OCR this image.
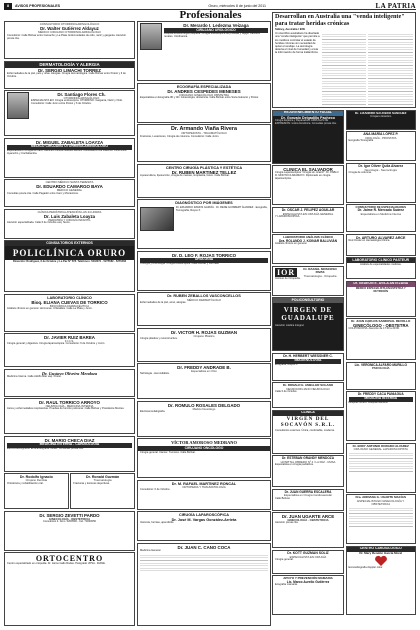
8	AVISOS PROFESIONALES	Oruro, miércoles 8 de junio del 2011	LA PATRIA
Profesionales
CONSULTORIO OTORRINOLARINGOLÓGICO
Dr. Walter Gutiérrez Aldayuz
MÉDICO CIRUJANO OTORRINOLARINGÓLOGO
Consultorio: Calle Bolívar entre Camacho y La Plata. Enfermedades de oído, nariz y garganta. Atención previa cita.
DERMATOLOGÍA Y ALERGIA
Dr. SERGIO LIMACHI TORREZ
Enfermedades de la piel, pelo y uñas. Alergias. Cirugía dermatológica. Calle Bolívar entre Potosí y 6 de Octubre.
Dr. Santiago Flores Ch.
OTORRINOLARINGÓLOGO
ESPECIALISTA EN: Cirugía endoscópica. OTORRINO: Garganta, Nariz y Oído. Consultorio: Calle Junín entre Potosí y 6 de Octubre.
Dr. MIGUEL ZABALETA LOAYZA
MÉDICO CIRUJANO OTORRINOLARINGÓLOGO
Especialista en cirugía de nariz. Atención Clínica Nuestra Señora. Consultas en La Plata No. 1250 entre Ayacucho y Cochabamba.
CENTRO MÉDICO SANTA TERESITA
Dr. EDUARDO CAMARGO BAYA
MÉDICO GENERAL
Consultas previa cita. Calle Pagador entre Caro y Montecinos.
CLÍNICA PEDIÁTRICA ATENCIÓN LAS 24 HORAS
Dr. Luis Zabaleta Loayza
PEDIATRÍA Y CIRUGÍA INFANTIL
Atención especializada. Calle 6 de Octubre esq. Sucre.
CONSULTORIOS EXTERNOS
POLICLÍNICA ORURO
Dirección: Rodríguez, 6 de Octubre y La Paz Nº 578. Teléfonos: 5242071 - 5275582 - 5276466
LABORATORIO CLÍNICO
Bioq. ELIANA CUEVAS DE TORRICO
BIOQUÍMICA FARMACÉUTICA
Análisis clínicos en general. Hormonas. Urianálisis. Calle La Plata y Junín.
Dr. JAVIER RUIZ BAREA
F.I.C.S.
Cirugía general y digestiva. Cirugía laparoscópica. Consultorio: 6 de Octubre y Junín.
Dr. Gustavo Oliveira Mendoza
Medicina Interna. Calle Adolfo Mier esq. Potosí.
Dr. RAUL TORRICO ARROYO
NEUMOLOGÍA - MEDICINA INTERNA
Asma y enfermedades respiratorias. Pruebas de función pulmonar. Calle Bolívar y Presidente Montes.
Dr. MARIO CHECA DIAZ
MEDICINA INTERNA - CARDIOLOGÍA
Electrocardiograma. Ecocardiografía. Holter. Consultas previa cita.
Dr. Rodolfo Ignacio
Cirujano Dentista
Ortodoncia y rehabilitación oral.
Dr. Ronald Guzmán
Traumatología
Fracturas y lesiones deportivas.
Dr. SERGIO ZEVETTI PARDO
GINECOLOGÍA - OBSTETRICIA
Consultorio 4. Dom. 5260500 - Cel. 71840050
ORTOCENTRO
Centro especializado en ortopedia. Dr. Jaime Gallo Rodas. Postgrado UPSA - IDANE.
Dr. Merardo I. Ledezma Veizaga
CIRUJANO UROLÓGICO
Hospital Endourológico España. Cirugía endoscópica de próstata y vejiga. Cálculos renales. Urodinamia.
ECOGRAFÍA ESPECIALIZADA
Dr. ANDRES CESPEDES MENESES
CIRUJANO GINECÓLOGO OBSTETRA
Especialista en Ecografía 3D y 4D. Ginecología, obstetricia. Calle Bolívar entre Soria Galvarro y Potosí.
Dr. Armando Viaña Rivera
ORTOPEDISTA - TRAUMATÓLOGO
Fracturas, Luxaciones, Cirugía de columna. Consultorio: Calle Junín.
CENTRO CIRUGÍA PLÁSTICA Y ESTÉTICA
Dr. RUBEN MARTINEZ TELLEZ
Lipoescultura, liposucción, cirugía de mamas, rinoplastía, botox. Calle Bolívar.
DIAGNÓSTICO POR IMÁGENES
Dr. EDUARDO RAMOS GARCÍA · Dr. RENE GUISBERT ÁLVAREZ · Ecografía, Tomografía, Rayos X.
Dr. D. LEO F. ROJAS TORRICO
UROLOGÍA
Urología y Andrología. Cirugía endoscópica. Calle Bolívar y La Plata.
Dr. RUBEN ZEBALLOS VASCONCELLOS
MÉDICO DERMATÓLOGO
Enfermedades de la piel, acné, alergias.
Dr. VICTOR H. ROJAS GUZMAN
Cirujano Plástico
Cirugía plástica y reconstructiva.
Dr. FREDDY ANDRADE B.
Especialista en riñón
Nefrología - Hemodiálisis.
Dr. ROMULO ROSALES DELGADO
Médico Neurólogo
Electroencefalografía.
VÍCTOR AMOROSO MEDRANO
CIRUJANO ONCÓLOGO
Cirugía general. Cáncer. Tumores. Calle Bolívar.
Dr. M. RAFAEL MARTINEZ RONCAL
ORTOPEDIA Y TRAUMATOLOGÍA
Consultorio: 6 de Octubre.
CIRUGÍA LAPAROSCÓPICA
Dr. José M. Vargas González-Arrieta
Vesícula, hernias, apendicitis.
Dr. JUAN C. CANO COCA
Medicina General.
Desarrollan en Australia una "venda inteligente" para tratar heridas crónicas
Sídney, Australia / EFE
Un científico australiano ha diseñado una "venda inteligente" que permite a los médicos controlar el estado de heridas crónicas sin necesidad de quitar el vendaje. La tecnología detecta el nivel de humedad y envía la información de forma inalámbrica.
REJUVENECIMIENTO FACIAL
Dr. Gonzalo Delgadillo Pacheco
Cirugía Estética y Reparadora. ARRUGAS DE EXPRESIÓN: toxina botulínica. Consultas previa cita.
CLINICA EL SALVADOR
Cirugía Laparoscópica "Cirugía sin cicatriz". Dr. PABLO R. MONTOYA ARAMAYO. Diplomado en cirugía laparoscópica.
Dr. OSCAR J. FELIPEZ AGUILAR
ESPECIALISTA EN CIRUGÍA GENERAL
Y LAPAROSCÓPICA.
LABORATORIO ANÁLISIS CLÍNICO
Dra. ROLANDO J. KOINAR BALLIVIÁN
Análisis clínicos en general.
IOR	Dr. RAFAEL MOSCOSO RIVAS
Traumatología - Ortopedia
Instituto de Ortopedia.
POLICONSULTORIO
VIRGEN DE GUADALUPE
Atención médica integral.
Dr. H. HERBERT WIESSNER C.
IMAGENOLOGÍA
Ecografía, Rayos X.
Dr. RONALD E. AMELLER SOLANO
NEUROCIRUJANO NEUROLOGO
Calle 6 de Octubre.
CLÍNICA
VIRGEN DEL SOCAVÓN S.R.L.
Consultorios externos. Única, confortable, moderna.
Dr. ESTEBAN GRANDY MENDOZA
HOSPITAL OBRERO Nº 4 / LA PAZ - UMSA
Especialista en cirugía pediátrica.
Dr. JUAN GUERRA ESCALERA
Especialista en Cirugía Cardiovascular
Calle Bolívar.
Dr. JUAN UGARTE ARCE
GINECOLOGÍA - OBSTETRICIA
Atención previa cita.
Dr. KOTT GUZMAN SOLIZ
ESPECIALISTA EN CIRUGÍA
Cirugía general.
APOYO Y PREVENCIÓN MAMARIA
Lic. Marco Aurelio Gutiérrez
Ecografía mamaria.
Dr. LIZANDRO SAUCEDO SANCHEZ
Cirujano Estético
ANA MARÍA LÓPEZ P.
UROLOGÍA - PROSTATA
Ecografía Tomografía
Dr. Igor Oliver Quila Alvarez
Neurología - Neurocirugía
Cirugía de columna.
CONSULTORIO DE ESPECIALIDADES
Dr. Jaime R. Mercado Suárez
Especialista en Medicina Interna
Dr. ARTURO ALVAREZ ARCE
Red Ocular en Hematología Clínica.
LABORATORIO CLÍNICO PASTEUR
Análisis de especialidades médicas.
Dr. GEDEÓN E. ÁVILA ANTEZANA
MÉDICO ESPECIALISTA EN ESTÉTICA Y NUTRICIÓN
Dr. JUAN CARLOS SANDOVAL REVOLLO
GINECÓLOGO - OBSTETRA
COLPOSCOPÍA. Atención de 17:00 a 20:00.
Lic. VERONICA ALFARO MURILLO
PSICOLOGÍA
Dr. FREDDY CACA PANIAGUA
MEDICINA INTERNA
Hospital Obrero. Hospital General.
Dr. EDDY ANTONIO DORADO ALVAREZ
CIRUJANO GENERAL LAPAROSCOPISTA
Dra. ADRIANA G. UGARTE MACÍAS
ESPECIALISTA EN GINECOLOGÍA Y OBSTETRICIA
CENTRO CARDIOLÓGICO
Dr. Mary Rendón García Morel
Ecocardiografía doppler color.
